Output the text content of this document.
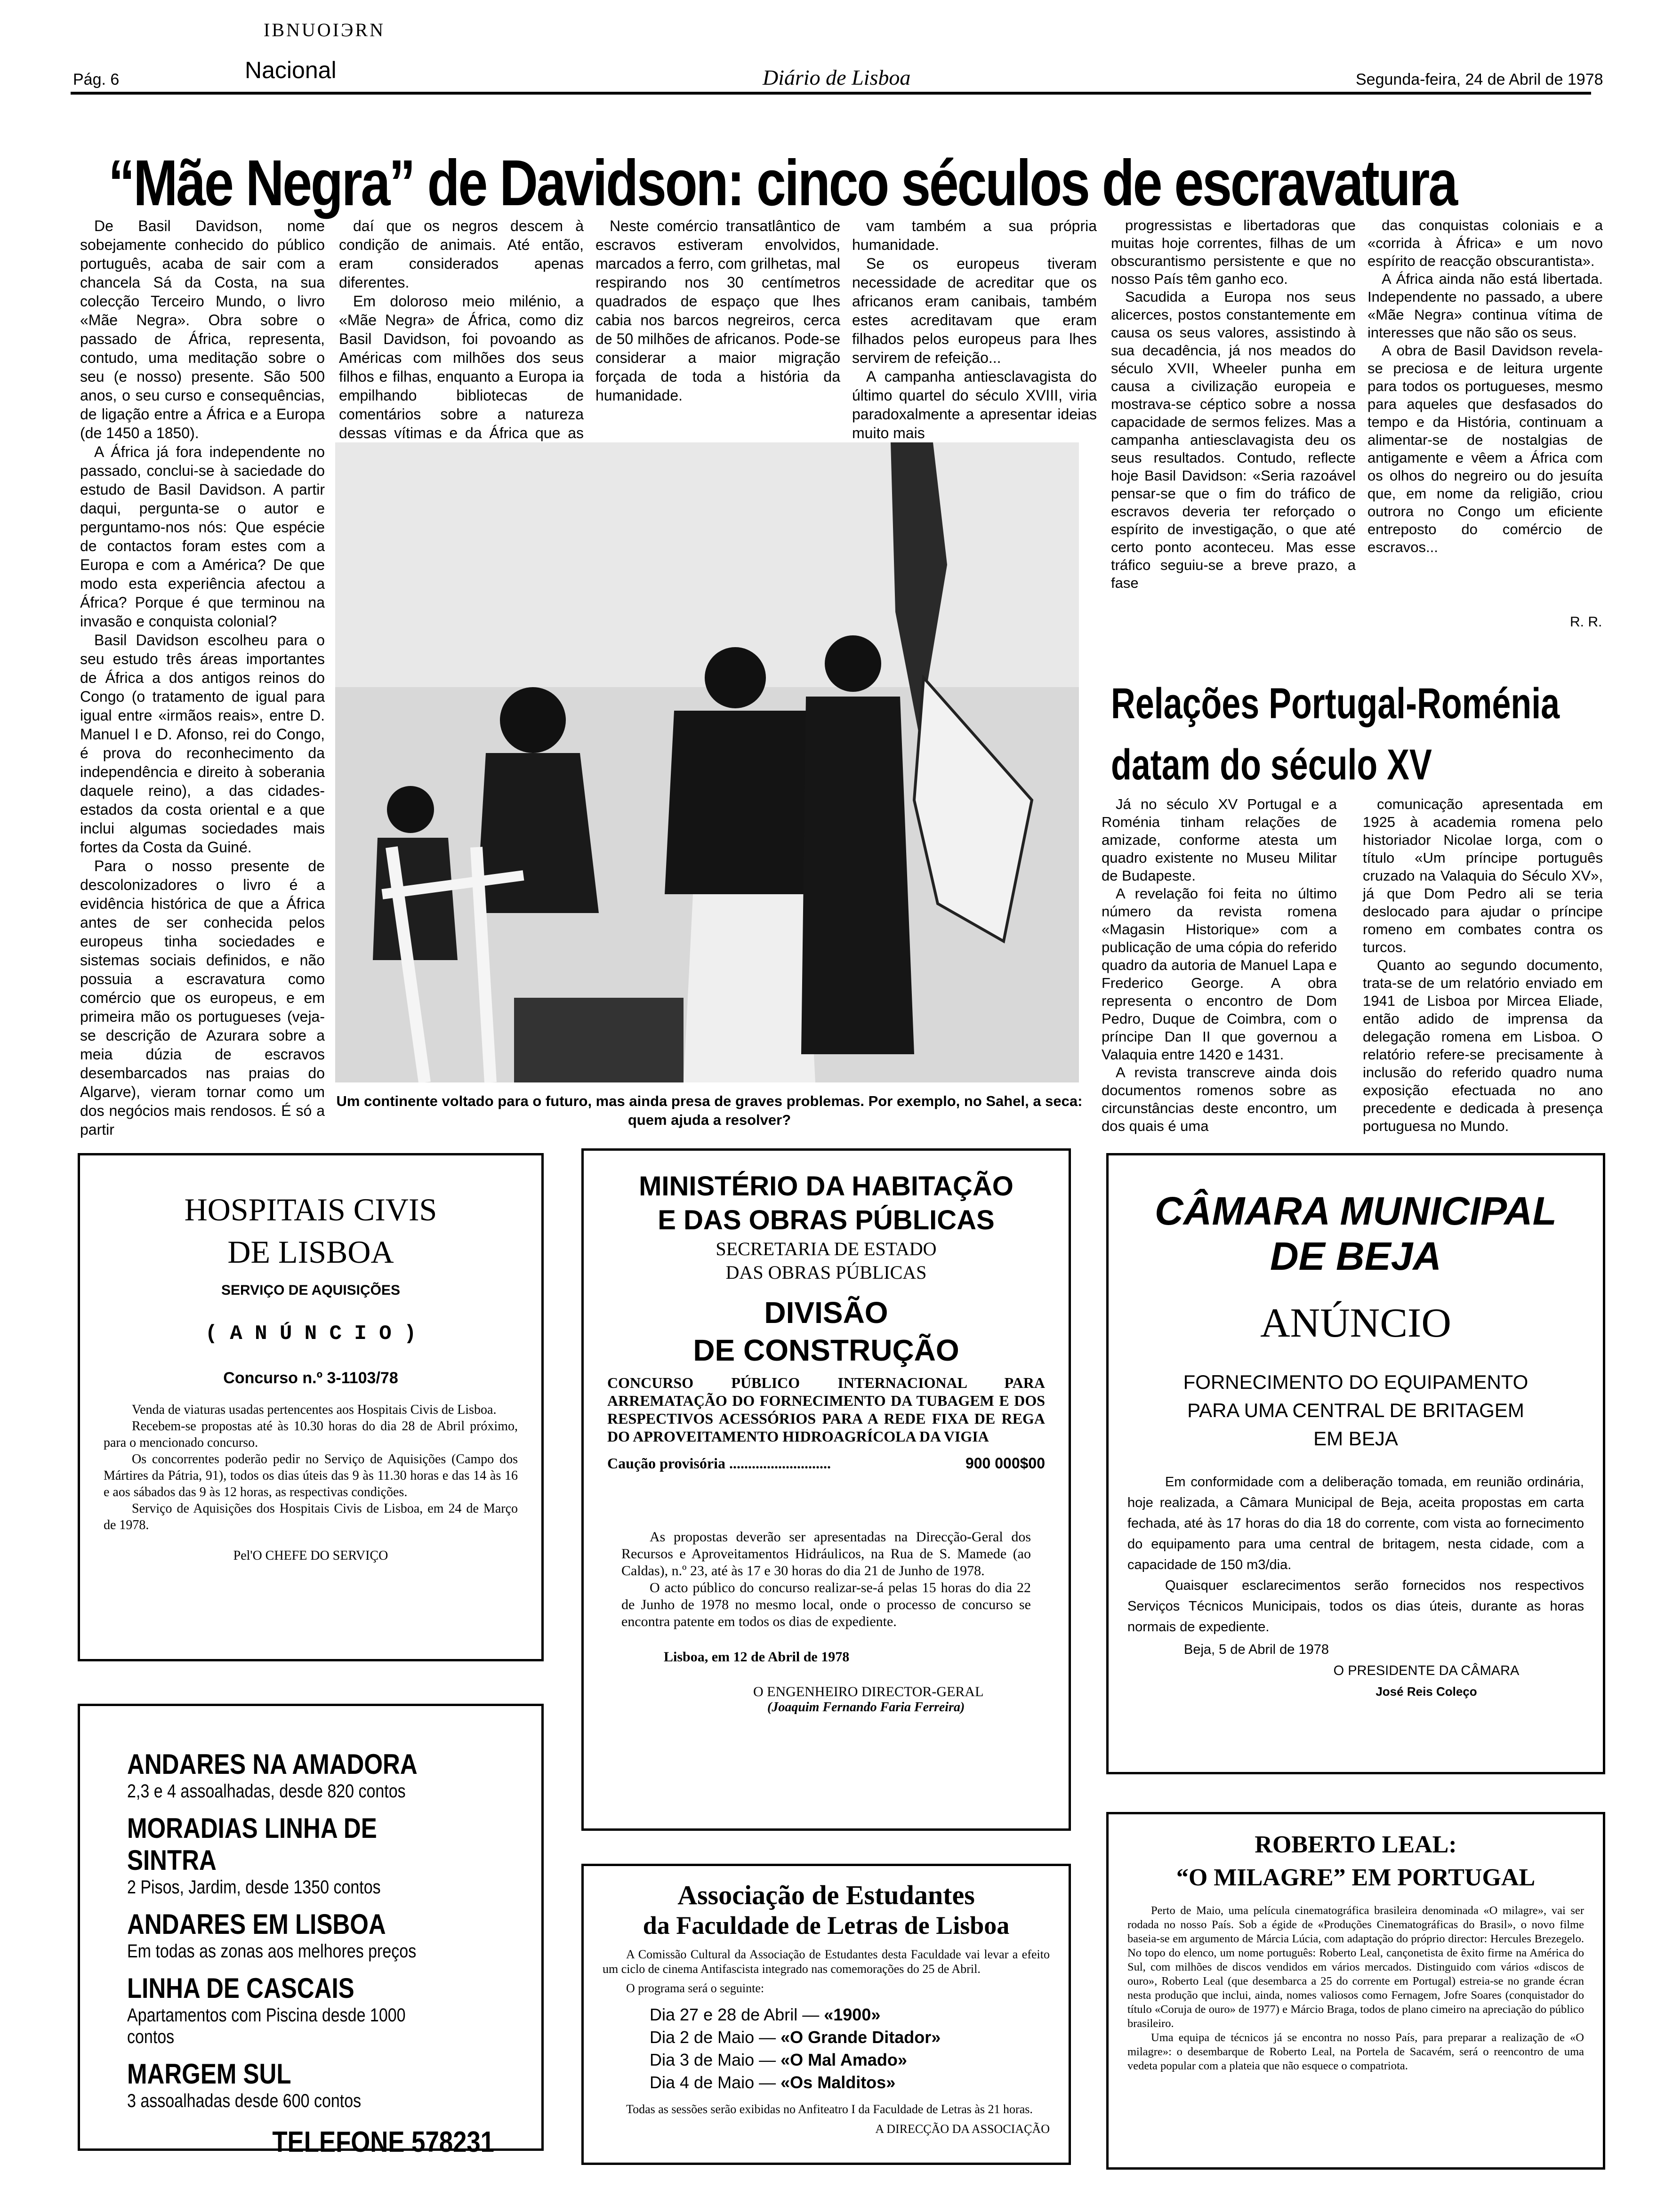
IBNUOIЭRN
Pág. 6	Nacional	Diário de Lisboa	Segunda-feira, 24 de Abril de 1978
“Mãe Negra” de Davidson: cinco séculos de escravatura

De Basil Davidson, nome sobejamente conhecido do público português, acaba de sair com a chancela Sá da Costa, na sua colecção Terceiro Mundo, o livro «Mãe Negra». Obra sobre o passado de África, representa, contudo, uma meditação sobre o seu (e nosso) presente. São 500 anos, o seu curso e consequências, de ligação entre a África e a Europa (de 1450 a 1850).

A África já fora independente no passado, conclui-se à saciedade do estudo de Basil Davidson. A partir daqui, pergunta-se o autor e perguntamo-nos nós: Que espécie de contactos foram estes com a Europa e com a América? De que modo esta experiência afectou a África? Porque é que terminou na invasão e conquista colonial?

Basil Davidson escolheu para o seu estudo três áreas importantes de África a dos antigos reinos do Congo (o tratamento de igual para igual entre «irmãos reais», entre D. Manuel I e D. Afonso, rei do Congo, é prova do reconhecimento da independência e direito à soberania daquele reino), a das cidades-estados da costa oriental e a que inclui algumas sociedades mais fortes da Costa da Guiné.

Para o nosso presente de descolonizadores o livro é a evidência histórica de que a África antes de ser conhecida pelos europeus tinha sociedades e sistemas sociais definidos, e não possuia a escravatura como comércio que os europeus, e em primeira mão os portugueses (veja-se descrição de Azurara sobre a meia dúzia de escravos desembarcados nas praias do Algarve), vieram tornar como um dos negócios mais rendosos. É só a partir

daí que os negros descem à condição de animais. Até então, eram considerados apenas diferentes.

Em doloroso meio milénio, a «Mãe Negra» de África, como diz Basil Davidson, foi povoando as Américas com milhões dos seus filhos e filhas, enquanto a Europa ia empilhando bibliotecas de comentários sobre a natureza dessas vítimas e da África que as

Neste comércio transatlântico de escravos estiveram envolvidos, marcados a ferro, com grilhetas, mal respirando nos 30 centímetros quadrados de espaço que lhes cabia nos barcos negreiros, cerca de 50 milhões de africanos. Pode-se considerar a maior migração forçada de toda a história da humanidade.

vam também a sua própria humanidade.

Se os europeus tiveram necessidade de acreditar que os africanos eram canibais, também estes acreditavam que eram filhados pelos europeus para lhes servirem de refeição...

A campanha antiesclavagista do último quartel do século XVIII, viria paradoxalmente a apresentar ideias muito mais

progressistas e libertadoras que muitas hoje correntes, filhas de um obscurantismo persistente e que no nosso País têm ganho eco.

Sacudida a Europa nos seus alicerces, postos constantemente em causa os seus valores, assistindo à sua decadência, já nos meados do século XVII, Wheeler punha em causa a civilização europeia e mostrava-se céptico sobre a nossa capacidade de sermos felizes. Mas a campanha antiesclavagista deu os seus resultados. Contudo, reflecte hoje Basil Davidson: «Seria razoável pensar-se que o fim do tráfico de escravos deveria ter reforçado o espírito de investigação, o que até certo ponto aconteceu. Mas esse tráfico seguiu-se a breve prazo, a fase

das conquistas coloniais e a «corrida à África» e um novo espírito de reacção obscurantista».

A África ainda não está libertada. Independente no passado, a ubere «Mãe Negra» continua vítima de interesses que não são os seus.

A obra de Basil Davidson revela-se preciosa e de leitura urgente para todos os portugueses, mesmo para aqueles que desfasados do tempo e da História, continuam a alimentar-se de nostalgias de antigamente e vêem a África com os olhos do negreiro ou do jesuíta que, em nome da religião, criou outrora no Congo um eficiente entreposto do comércio de escravos...

R. R.
Um continente voltado para o futuro, mas ainda presa de graves problemas. Por exemplo, no Sahel, a seca: quem ajuda a resolver?
Relações Portugal-Roménia
datam do século XV

Já no século XV Portugal e a Roménia tinham relações de amizade, conforme atesta um quadro existente no Museu Militar de Budapeste.

A revelação foi feita no último número da revista romena «Magasin Historique» com a publicação de uma cópia do referido quadro da autoria de Manuel Lapa e Frederico George. A obra representa o encontro de Dom Pedro, Duque de Coimbra, com o príncipe Dan II que governou a Valaquia entre 1420 e 1431.

A revista transcreve ainda dois documentos romenos sobre as circunstâncias deste encontro, um dos quais é uma

comunicação apresentada em 1925 à academia romena pelo historiador Nicolae Iorga, com o título «Um príncipe português cruzado na Valaquia do Século XV», já que Dom Pedro ali se teria deslocado para ajudar o príncipe romeno em combates contra os turcos.

Quanto ao segundo documento, trata-se de um relatório enviado em 1941 de Lisboa por Mircea Eliade, então adido de imprensa da delegação romena em Lisboa. O relatório refere-se precisamente à inclusão do referido quadro numa exposição efectuada no ano precedente e dedicada à presença portuguesa no Mundo.

HOSPITAIS CIVIS
DE LISBOA
SERVIÇO DE AQUISIÇÕES
( A N Ú N C I O )
Concurso n.º 3-1103/78

Venda de viaturas usadas pertencentes aos Hospitais Civis de Lisboa.

Recebem-se propostas até às 10.30 horas do dia 28 de Abril próximo, para o mencionado concurso.

Os concorrentes poderão pedir no Serviço de Aquisições (Campo dos Mártires da Pátria, 91), todos os dias úteis das 9 às 11.30 horas e das 14 às 16 e aos sábados das 9 às 12 horas, as respectivas condições.

Serviço de Aquisições dos Hospitais Civis de Lisboa, em 24 de Março de 1978.

Pel'O CHEFE DO SERVIÇO
MINISTÉRIO DA HABITAÇÃO
E DAS OBRAS PÚBLICAS
SECRETARIA DE ESTADO
DAS OBRAS PÚBLICAS
DIVISÃO
DE CONSTRUÇÃO
CONCURSO PÚBLICO INTERNACIONAL PARA ARREMATAÇÃO DO FORNECIMENTO DA TUBAGEM E DOS RESPECTIVOS ACESSÓRIOS PARA A REDE FIXA DE REGA DO APROVEITAMENTO HIDROAGRÍCOLA DA VIGIA
Caução provisória ...........................	900 000$00

As propostas deverão ser apresentadas na Direcção-Geral dos Recursos e Aproveitamentos Hidráulicos, na Rua de S. Mamede (ao Caldas), n.º 23, até às 17 e 30 horas do dia 21 de Junho de 1978.

O acto público do concurso realizar-se-á pelas 15 horas do dia 22 de Junho de 1978 no mesmo local, onde o processo de concurso se encontra patente em todos os dias de expediente.

Lisboa, em 12 de Abril de 1978
O ENGENHEIRO DIRECTOR-GERAL
(Joaquim Fernando Faria Ferreira)
CÂMARA MUNICIPAL
DE BEJA
ANÚNCIO
FORNECIMENTO DO EQUIPAMENTO
PARA UMA CENTRAL DE BRITAGEM
EM BEJA

Em conformidade com a deliberação tomada, em reunião ordinária, hoje realizada, a Câmara Municipal de Beja, aceita propostas em carta fechada, até às 17 horas do dia 18 do corrente, com vista ao fornecimento do equipamento para uma central de britagem, nesta cidade, com a capacidade de 150 m3/dia.

Quaisquer esclarecimentos serão fornecidos nos respectivos Serviços Técnicos Municipais, todos os dias úteis, durante as horas normais de expediente.

Beja, 5 de Abril de 1978
O PRESIDENTE DA CÂMARA
José Reis Coleço
ANDARES NA AMADORA
2,3 e 4 assoalhadas, desde 820 contos
MORADIAS LINHA DE SINTRA
2 Pisos, Jardim, desde 1350 contos
ANDARES EM LISBOA
Em todas as zonas aos melhores preços
LINHA DE CASCAIS
Apartamentos com Piscina desde 1000 contos
MARGEM SUL
3 assoalhadas desde 600 contos
TELEFONE 578231
Associação de Estudantes
da Faculdade de Letras de Lisboa
A Comissão Cultural da Associação de Estudantes desta Faculdade vai levar a efeito um ciclo de cinema Antifascista integrado nas comemorações do 25 de Abril.
O programa será o seguinte:
Dia 27 e 28 de Abril — «1900»
Dia 2 de Maio — «O Grande Ditador»
Dia 3 de Maio — «O Mal Amado»
Dia 4 de Maio — «Os Malditos»
Todas as sessões serão exibidas no Anfiteatro I da Faculdade de Letras às 21 horas.
A DIRECÇÃO DA ASSOCIAÇÃO
ROBERTO LEAL:
“O MILAGRE” EM PORTUGAL

Perto de Maio, uma película cinematográfica brasileira denominada «O milagre», vai ser rodada no nosso País. Sob a égide de «Produções Cinematográficas do Brasil», o novo filme baseia-se em argumento de Márcia Lúcia, com adaptação do próprio director: Hercules Brezegelo. No topo do elenco, um nome português: Roberto Leal, cançonetista de êxito firme na América do Sul, com milhões de discos vendidos em vários mercados. Distinguido com vários «discos de ouro», Roberto Leal (que desembarca a 25 do corrente em Portugal) estreia-se no grande écran nesta produção que inclui, ainda, nomes valiosos como Fernagem, Jofre Soares (conquistador do título «Coruja de ouro» de 1977) e Márcio Braga, todos de plano cimeiro na apreciação do público brasileiro.

Uma equipa de técnicos já se encontra no nosso País, para preparar a realização de «O milagre»: o desembarque de Roberto Leal, na Portela de Sacavém, será o reencontro de uma vedeta popular com a plateia que não esquece o compatriota.
